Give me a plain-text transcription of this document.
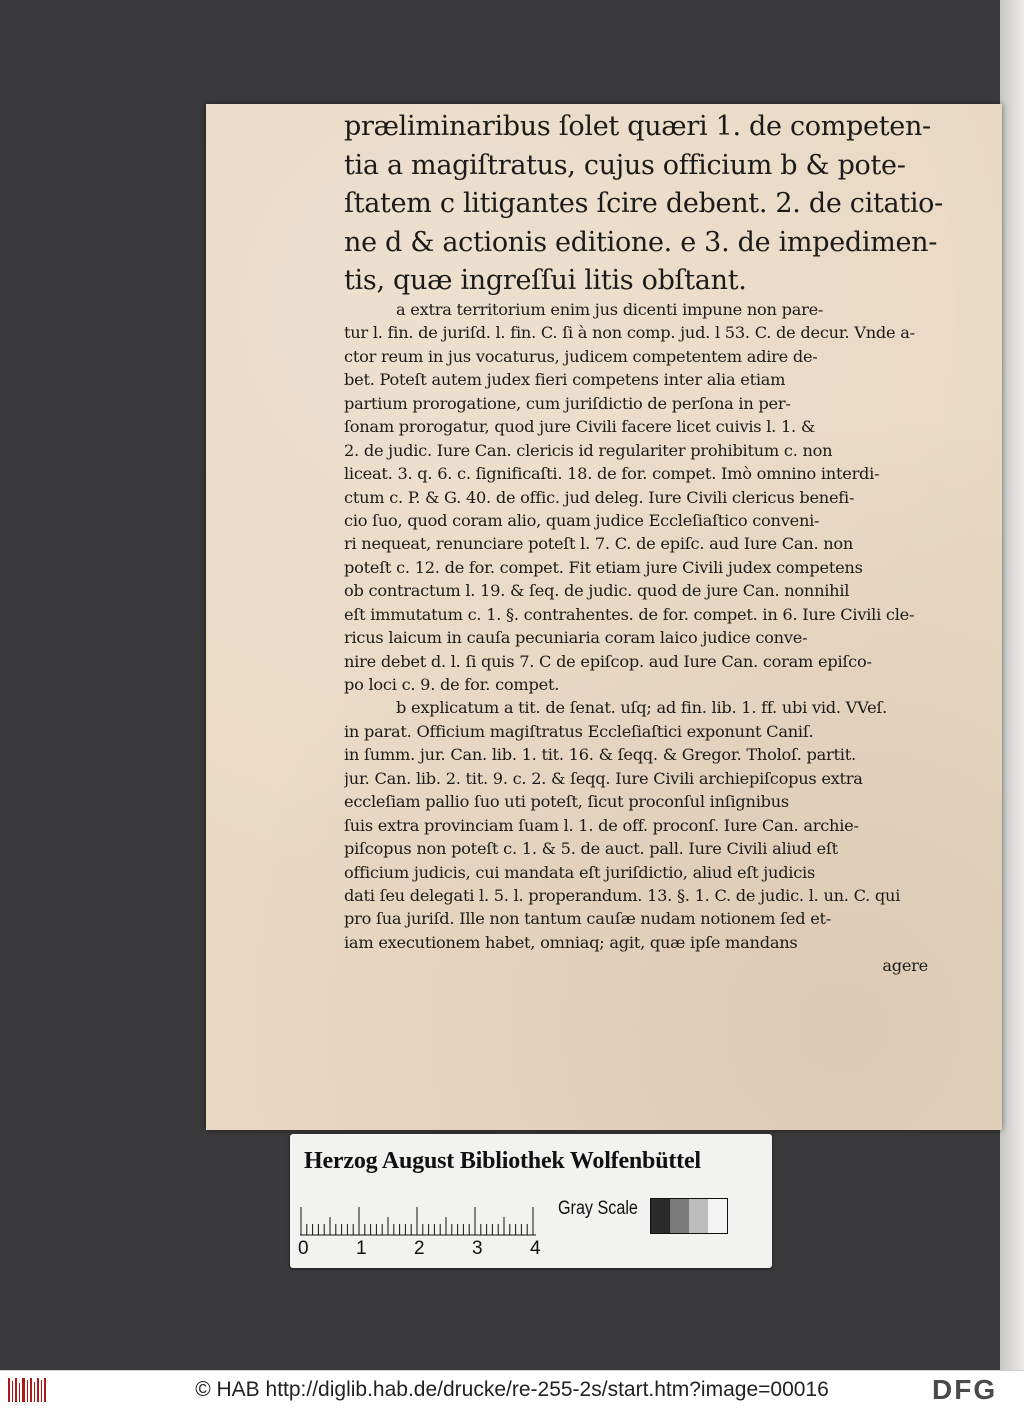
præliminaribus ſolet quæri 1. de competen-
tia a magiſtratus, cujus officium b & pote-
ſtatem c litigantes ſcire debent. 2. de citatio-
ne d & actionis editione. e 3. de impedimen-
tis, quæ ingreſſui litis obſtant.
a extra territorium enim jus dicenti impune non pare-
tur l. fin. de juriſd. l. fin. C. ſi à non comp. jud. l 53. C. de decur. Vnde a-
ctor reum in jus vocaturus, judicem competentem adire de-
bet. Poteſt autem judex fieri competens inter alia etiam
partium prorogatione, cum juriſdictio de perſona in per-
ſonam prorogatur, quod jure Civili facere licet cuivis l. 1. &
2. de judic. Iure Can. clericis id regulariter prohibitum c. non
liceat. 3. q. 6. c. ſignificaſti. 18. de for. compet. Imò omnino interdi-
ctum c. P. & G. 40. de offic. jud deleg. Iure Civili clericus benefi-
cio ſuo, quod coram alio, quam judice Eccleſiaſtico conveni-
ri nequeat, renunciare poteſt l. 7. C. de epiſc. aud Iure Can. non
poteſt c. 12. de for. compet. Fit etiam jure Civili judex competens
ob contractum l. 19. & ſeq. de judic. quod de jure Can. nonnihil
eſt immutatum c. 1. §. contrahentes. de for. compet. in 6. Iure Civili cle-
ricus laicum in cauſa pecuniaria coram laico judice conve-
nire debet d. l. ſi quis 7. C de epiſcop. aud Iure Can. coram epiſco-
po loci c. 9. de for. compet.
b explicatum a tit. de ſenat. uſq; ad fin. lib. 1. ff. ubi vid. VVeſ.
in parat. Officium magiſtratus Eccleſiaſtici exponunt Caniſ.
in ſumm. jur. Can. lib. 1. tit. 16. & ſeqq. & Gregor. Tholoſ. partit.
jur. Can. lib. 2. tit. 9. c. 2. & ſeqq. Iure Civili archiepiſcopus extra
eccleſiam pallio ſuo uti poteſt, ſicut proconſul inſignibus
ſuis extra provinciam ſuam l. 1. de off. proconſ. Iure Can. archie-
piſcopus non poteſt c. 1. & 5. de auct. pall. Iure Civili aliud eſt
officium judicis, cui mandata eſt juriſdictio, aliud eſt judicis
dati ſeu delegati l. 5. l. properandum. 13. §. 1. C. de judic. l. un. C. qui
pro ſua juriſd. Ille non tantum cauſæ nudam notionem ſed et-
iam executionem habet, omniaq; agit, quæ ipſe mandans
agere
Herzog August Bibliothek Wolfenbüttel
0 1 2 3 4
Gray Scale
© HAB http://diglib.hab.de/drucke/re-255-2s/start.htm?image=00016	DFG
